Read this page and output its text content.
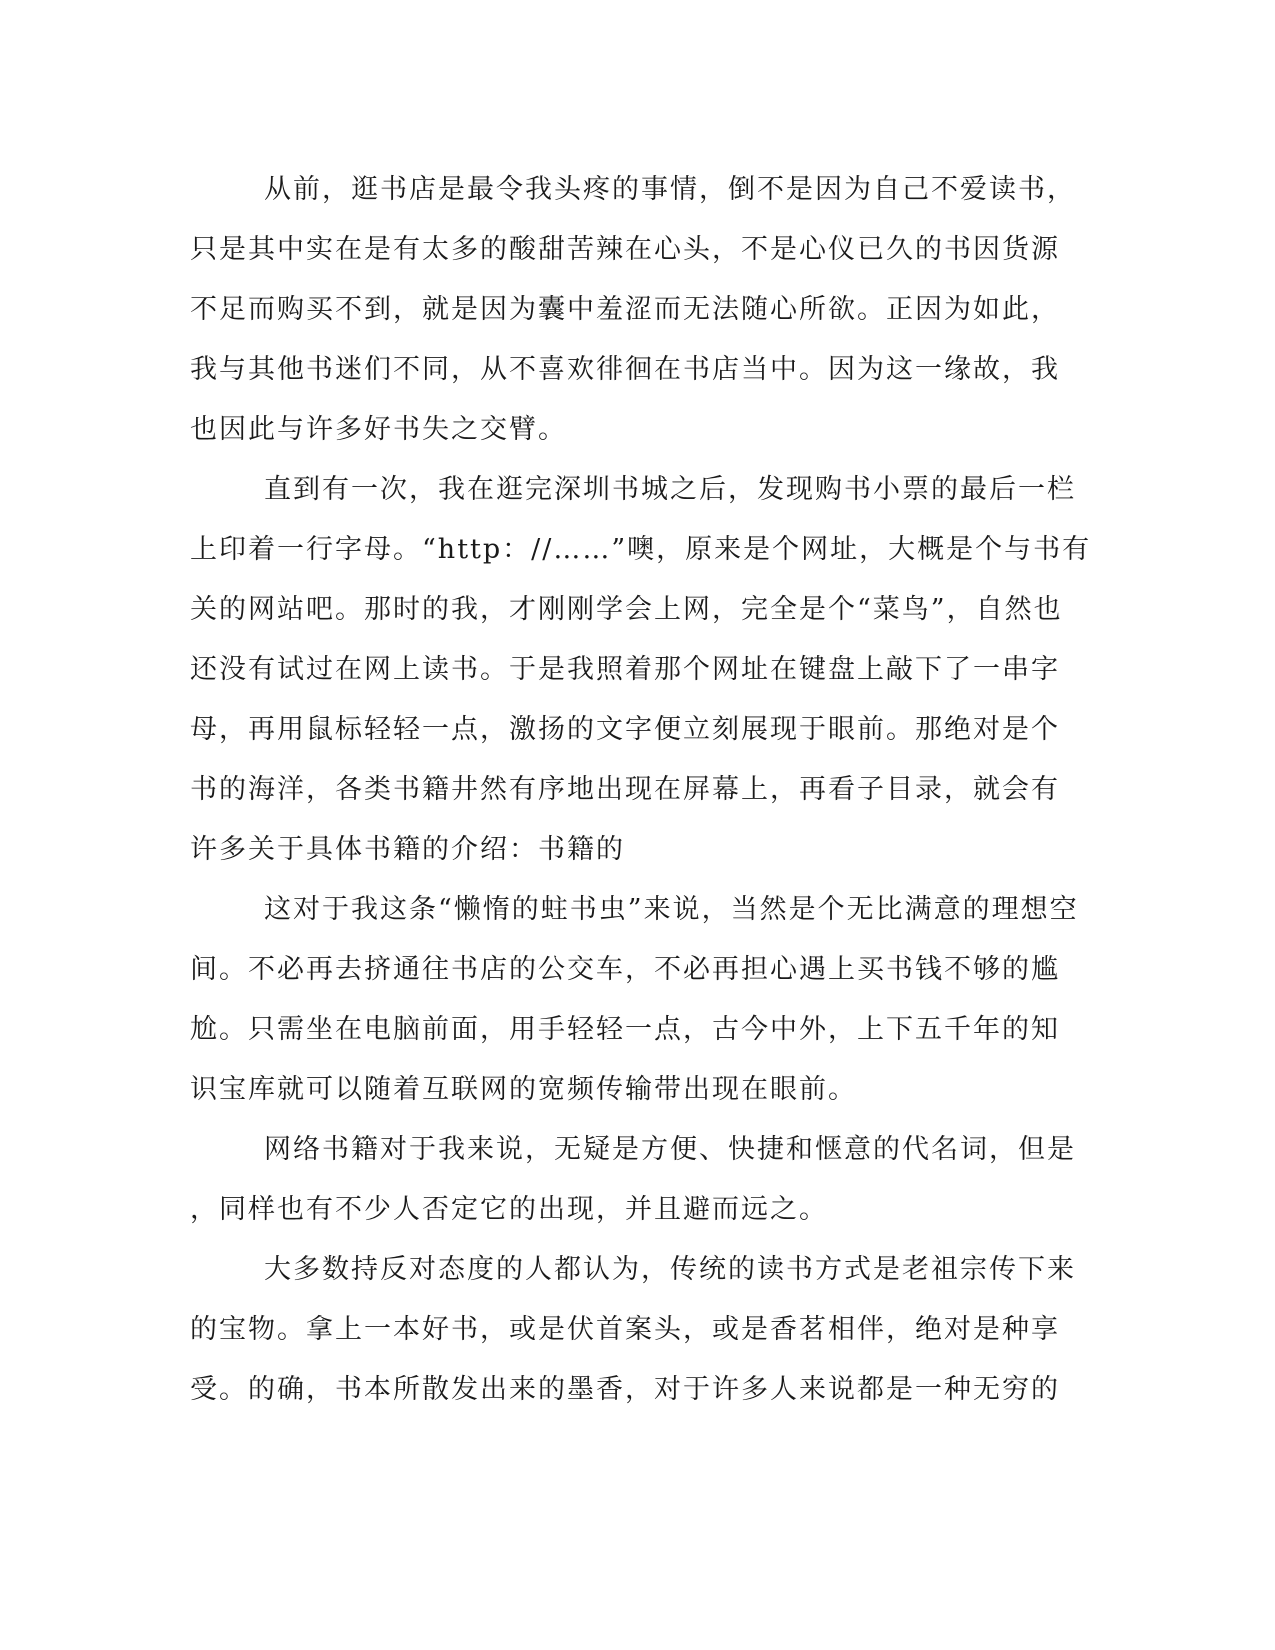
从前，逛书店是最令我头疼的事情，倒不是因为自己不爱读书，
只是其中实在是有太多的酸甜苦辣在心头，不是心仪已久的书因货源
不足而购买不到，就是因为囊中羞涩而无法随心所欲。正因为如此，
我与其他书迷们不同，从不喜欢徘徊在书店当中。因为这一缘故，我
也因此与许多好书失之交臂。
直到有一次，我在逛完深圳书城之后，发现购书小票的最后一栏
上印着一行字母。“http：//……”噢，原来是个网址，大概是个与书有
关的网站吧。那时的我，才刚刚学会上网，完全是个“菜鸟”，自然也
还没有试过在网上读书。于是我照着那个网址在键盘上敲下了一串字
母，再用鼠标轻轻一点，激扬的文字便立刻展现于眼前。那绝对是个
书的海洋，各类书籍井然有序地出现在屏幕上，再看子目录，就会有
许多关于具体书籍的介绍：书籍的
这对于我这条“懒惰的蛀书虫”来说，当然是个无比满意的理想空
间。不必再去挤通往书店的公交车，不必再担心遇上买书钱不够的尴
尬。只需坐在电脑前面，用手轻轻一点，古今中外，上下五千年的知
识宝库就可以随着互联网的宽频传输带出现在眼前。
网络书籍对于我来说，无疑是方便、快捷和惬意的代名词，但是
，同样也有不少人否定它的出现，并且避而远之。
大多数持反对态度的人都认为，传统的读书方式是老祖宗传下来
的宝物。拿上一本好书，或是伏首案头，或是香茗相伴，绝对是种享
受。的确，书本所散发出来的墨香，对于许多人来说都是一种无穷的
